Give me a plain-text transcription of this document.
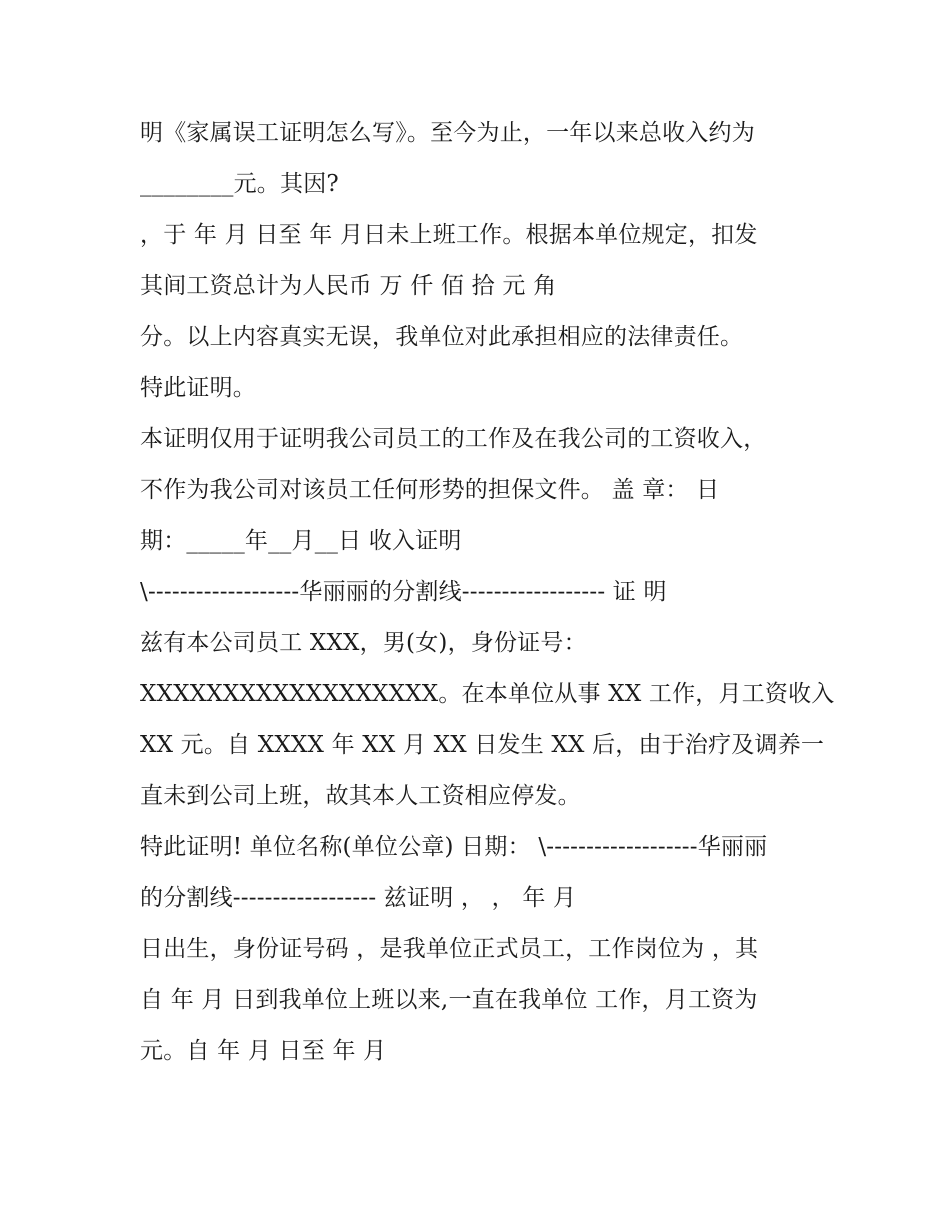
明《家属误工证明怎么写》。至今为止，一年以来总收入约为
________元。其因?
，于 年 月 日至 年 月日未上班工作。根据本单位规定，扣发
其间工资总计为人民币 万 仟 佰 拾 元 角
分。以上内容真实无误，我单位对此承担相应的法律责任。
特此证明。
本证明仅用于证明我公司员工的工作及在我公司的工资收入，
不作为我公司对该员工任何形势的担保文件。 盖 章： 日
期：_____年__月__日 收入证明
\-------------------华丽丽的分割线------------------ 证 明
兹有本公司员工 XXX，男(女)，身份证号：
XXXXXXXXXXXXXXXXXX。在本单位从事 XX 工作，月工资收入
XX 元。自 XXXX 年 XX 月 XX 日发生 XX 后，由于治疗及调养一
直未到公司上班，故其本人工资相应停发。
特此证明! 单位名称(单位公章) 日期： \-------------------华丽丽
的分割线------------------ 兹证明 ， ， 年 月
日出生，身份证号码 ，是我单位正式员工，工作岗位为 ，其
自 年 月 日到我单位上班以来,一直在我单位 工作，月工资为
元。自 年 月 日至 年 月
